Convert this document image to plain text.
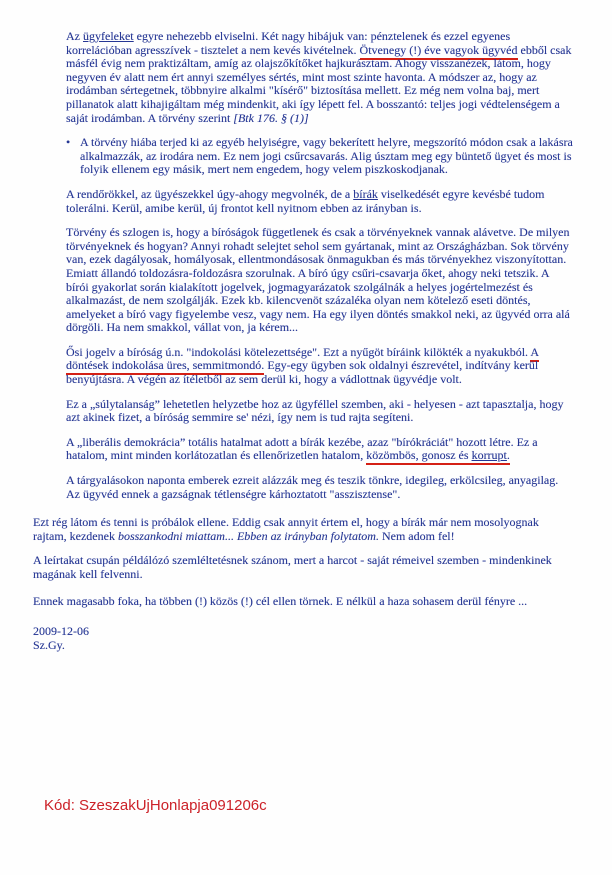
Az ügyfeleket egyre nehezebb elviselni. Két nagy hibájuk van: pénztelenek és ezzel egyenes korrelációban agresszívek - tisztelet a nem kevés kivételnek. Ötvenegy (!) éve vagyok ügyvéd ebből csak másfél évig nem praktizáltam, amíg az olajszőkítőket hajkurásztam. Ahogy visszanézek, látom, hogy negyven év alatt nem ért annyi személyes sértés, mint most szinte havonta. A módszer az, hogy az irodámban sértegetnek, többnyire alkalmi "kísérő" biztosítása mellett. Ez még nem volna baj, mert pillanatok alatt kihajigáltam még mindenkit, aki így lépett fel. A bosszantó: teljes jogi védtelenségem a saját irodámban. A törvény szerint [Btk 176. § (1)]

• A törvény hiába terjed ki az egyéb helyiségre, vagy bekerített helyre, megszorító módon csak a lakásra alkalmazzák, az irodára nem. Ez nem jogi csűrcsavarás. Alig úsztam meg egy büntető ügyet és most is folyik ellenem egy másik, mert nem engedem, hogy velem piszkoskodjanak.

A rendőrökkel, az ügyészekkel úgy-ahogy megvolnék, de a bírák viselkedését egyre kevésbé tudom tolerálni. Kerül, amibe kerül, új frontot kell nyitnom ebben az irányban is.

Törvény és szlogen is, hogy a bíróságok függetlenek és csak a törvényeknek vannak alávetve. De milyen törvényeknek és hogyan? Annyi rohadt selejtet sehol sem gyártanak, mint az Országházban. Sok törvény van, ezek dagályosak, homályosak, ellentmondásosak önmagukban és más törvényekhez viszonyítottan. Emiatt állandó toldozásra-foldozásra szorulnak. A bíró úgy csűri-csavarja őket, ahogy neki tetszik. A bírói gyakorlat során kialakított jogelvek, jogmagyarázatok szolgálnák a helyes jogértelmezést és alkalmazást, de nem szolgálják. Ezek kb. kilencvenöt százaléka olyan nem kötelező eseti döntés, amelyeket a bíró vagy figyelembe vesz, vagy nem. Ha egy ilyen döntés smakkol neki, az ügyvéd orra alá dörgöli. Ha nem smakkol, vállat von, ja kérem...

Ősi jogelv a bíróság ú.n. "indokolási kötelezettsége". Ezt a nyűgöt bíráink kilökték a nyakukból. A döntések indokolása üres, semmitmondó. Egy-egy ügyben sok oldalnyi észrevétel, indítvány kerül benyújtásra. A végén az ítéletből az sem derül ki, hogy a vádlottnak ügyvédje volt.

Ez a „súlytalanság” lehetetlen helyzetbe hoz az ügyféllel szemben, aki - helyesen - azt tapasztalja, hogy azt akinek fizet, a bíróság semmire se' nézi, így nem is tud rajta segíteni.

A „liberális demokrácia” totális hatalmat adott a bírák kezébe, azaz "bírókráciát" hozott létre. Ez a hatalom, mint minden korlátozatlan és ellenőrizetlen hatalom, közömbös, gonosz és korrupt.

A tárgyalásokon naponta emberek ezreit alázzák meg és teszik tönkre, idegileg, erkölcsileg, anyagilag. Az ügyvéd ennek a gazságnak tétlenségre kárhoztatott "asszisztense".

Ezt rég látom és tenni is próbálok ellene. Eddig csak annyit értem el, hogy a bírák már nem mosolyognak rajtam, kezdenek bosszankodni miattam... Ebben az irányban folytatom. Nem adom fel!

A leírtakat csupán példálózó szemléltetésnek szánom, mert a harcot - saját rémeivel szemben - mindenkinek magának kell felvenni.

Ennek magasabb foka, ha többen (!) közös (!) cél ellen törnek. E nélkül a haza sohasem derül fényre ...

2009-12-06

Sz.Gy.

Kód: SzeszakUjHonlapja091206c
